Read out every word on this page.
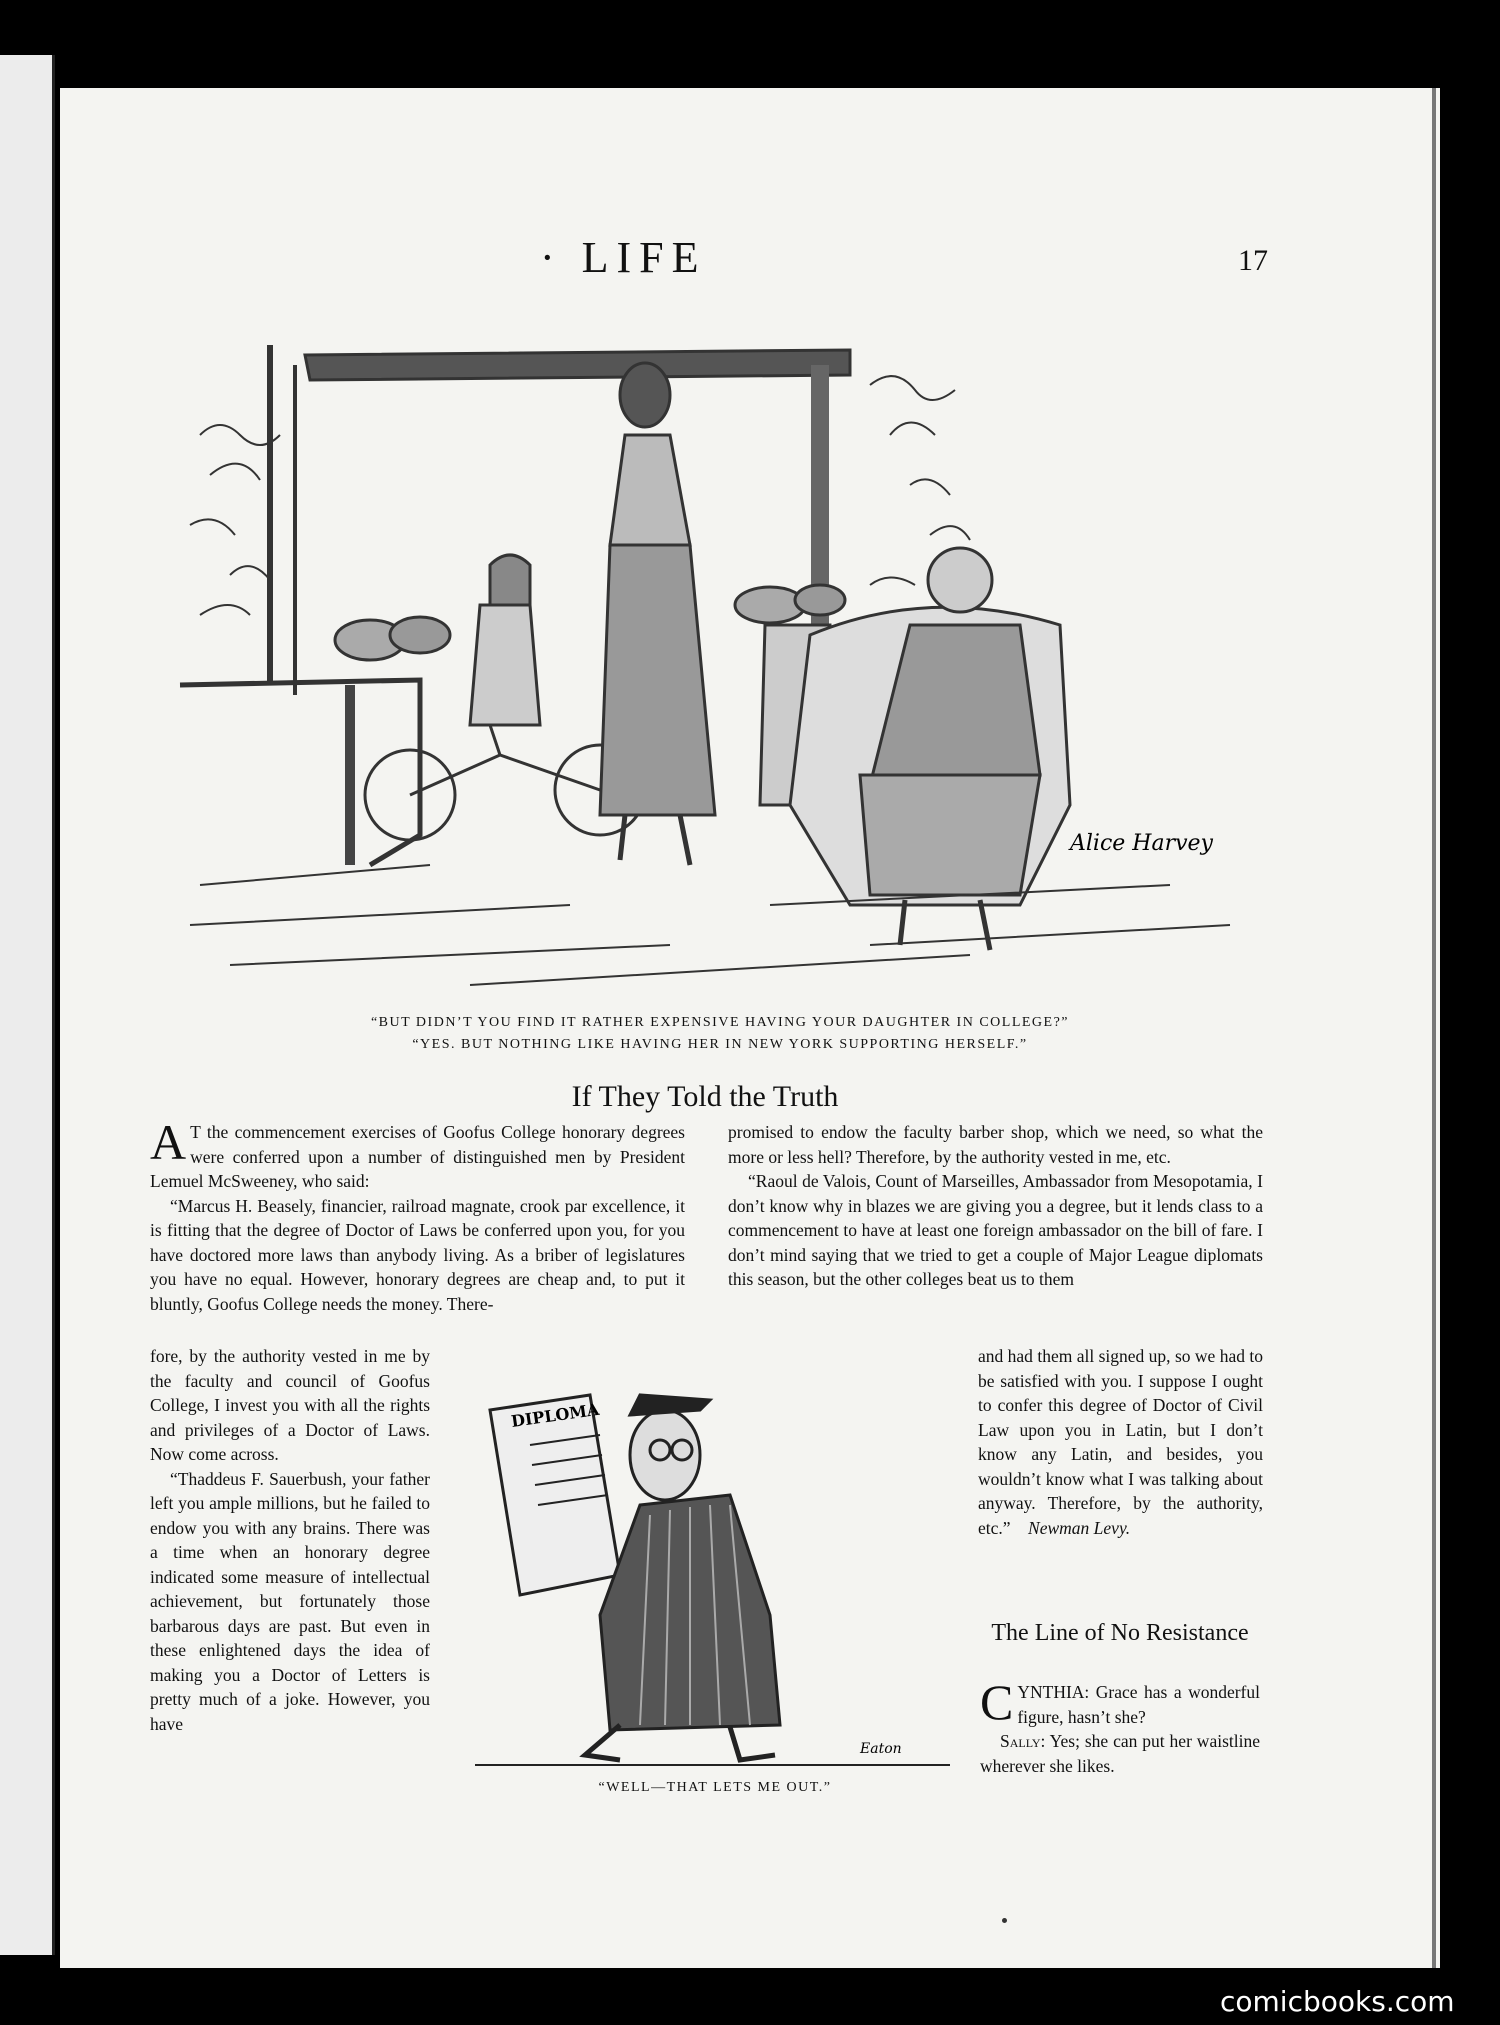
· LIFE	17
Alice Harvey
“BUT DIDN’T YOU FIND IT RATHER EXPENSIVE HAVING YOUR DAUGHTER IN COLLEGE?”
“YES. BUT NOTHING LIKE HAVING HER IN NEW YORK SUPPORTING HERSELF.”
If They Told the Truth

A T the commencement exercises of Goofus College honorary degrees were conferred upon a number of distinguished men by President Lemuel McSweeney, who said:

“Marcus H. Beasely, financier, railroad magnate, crook par excellence, it is fitting that the degree of Doctor of Laws be conferred upon you, for you have doctored more laws than anybody living. As a briber of legislatures you have no equal. However, honorary degrees are cheap and, to put it bluntly, Goofus College needs the money. There-

fore, by the authority vested in me by the faculty and council of Goofus College, I invest you with all the rights and privileges of a Doctor of Laws. Now come across.

“Thaddeus F. Sauerbush, your father left you ample millions, but he failed to endow you with any brains. There was a time when an honorary degree indicated some measure of intellectual achievement, but fortunately those barbarous days are past. But even in these enlightened days the idea of making you a Doctor of Letters is pretty much of a joke. However, you have

promised to endow the faculty barber shop, which we need, so what the more or less hell? Therefore, by the authority vested in me, etc.

“Raoul de Valois, Count of Marseilles, Ambassador from Mesopotamia, I don’t know why in blazes we are giving you a degree, but it lends class to a commencement to have at least one foreign ambassador on the bill of fare. I don’t mind saying that we tried to get a couple of Major League diplomats this season, but the other colleges beat us to them

and had them all signed up, so we had to be satisfied with you. I suppose I ought to confer this degree of Doctor of Civil Law upon you in Latin, but I don’t know any Latin, and besides, you wouldn’t know what I was talking about anyway. Therefore, by the authority, etc.” Newman Levy.

DIPLOMA
Eaton
“WELL—THAT LETS ME OUT.”
The Line of No Resistance

CYNTHIA: Grace has a wonderful figure, hasn’t she?

Sally: Yes; she can put her waistline wherever she likes.

comicbooks.com
